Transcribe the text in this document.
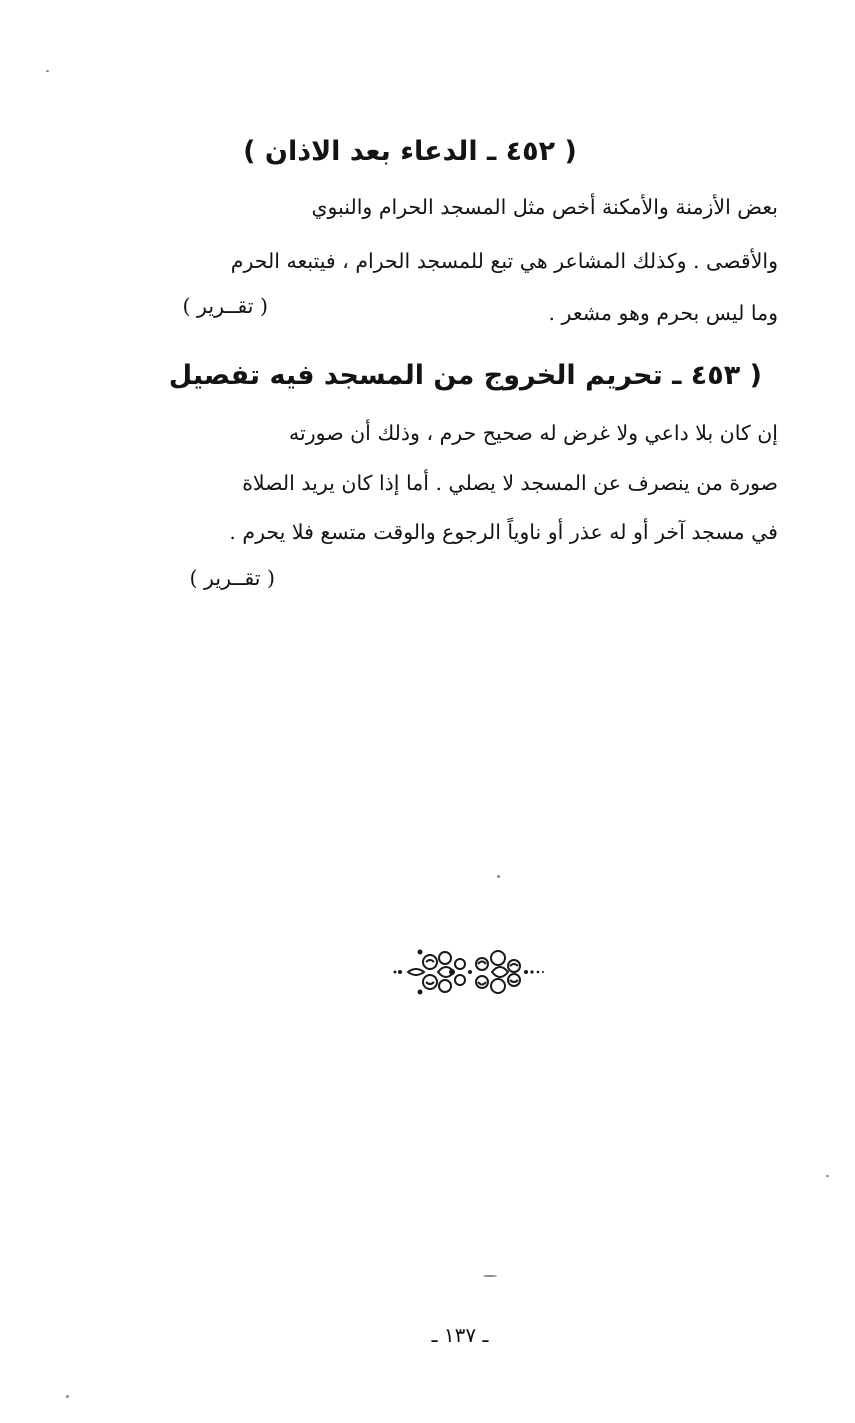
( ٤٥٢ ـ الدعاء بعد الاذان )
بعض الأزمنة والأمكنة أخص مثل المسجد الحرام والنبوي
والأقصى . وكذلك المشاعر هي تبع للمسجد الحرام ، فيتبعه الحرم
وما ليس بحرم وهو مشعر .
( تقــرير )
( ٤٥٣ ـ تحريم الخروج من المسجد فيه تفصيل
إن كان بلا داعي ولا غرض له صحيح حرم ، وذلك أن صورته
صورة من ينصرف عن المسجد لا يصلي . أما إذا كان يريد الصلاة
في مسجد آخر أو له عذر أو ناوياً الرجوع والوقت متسع فلا يحرم .
( تقــرير )
ـ ١٣٧ ـ
